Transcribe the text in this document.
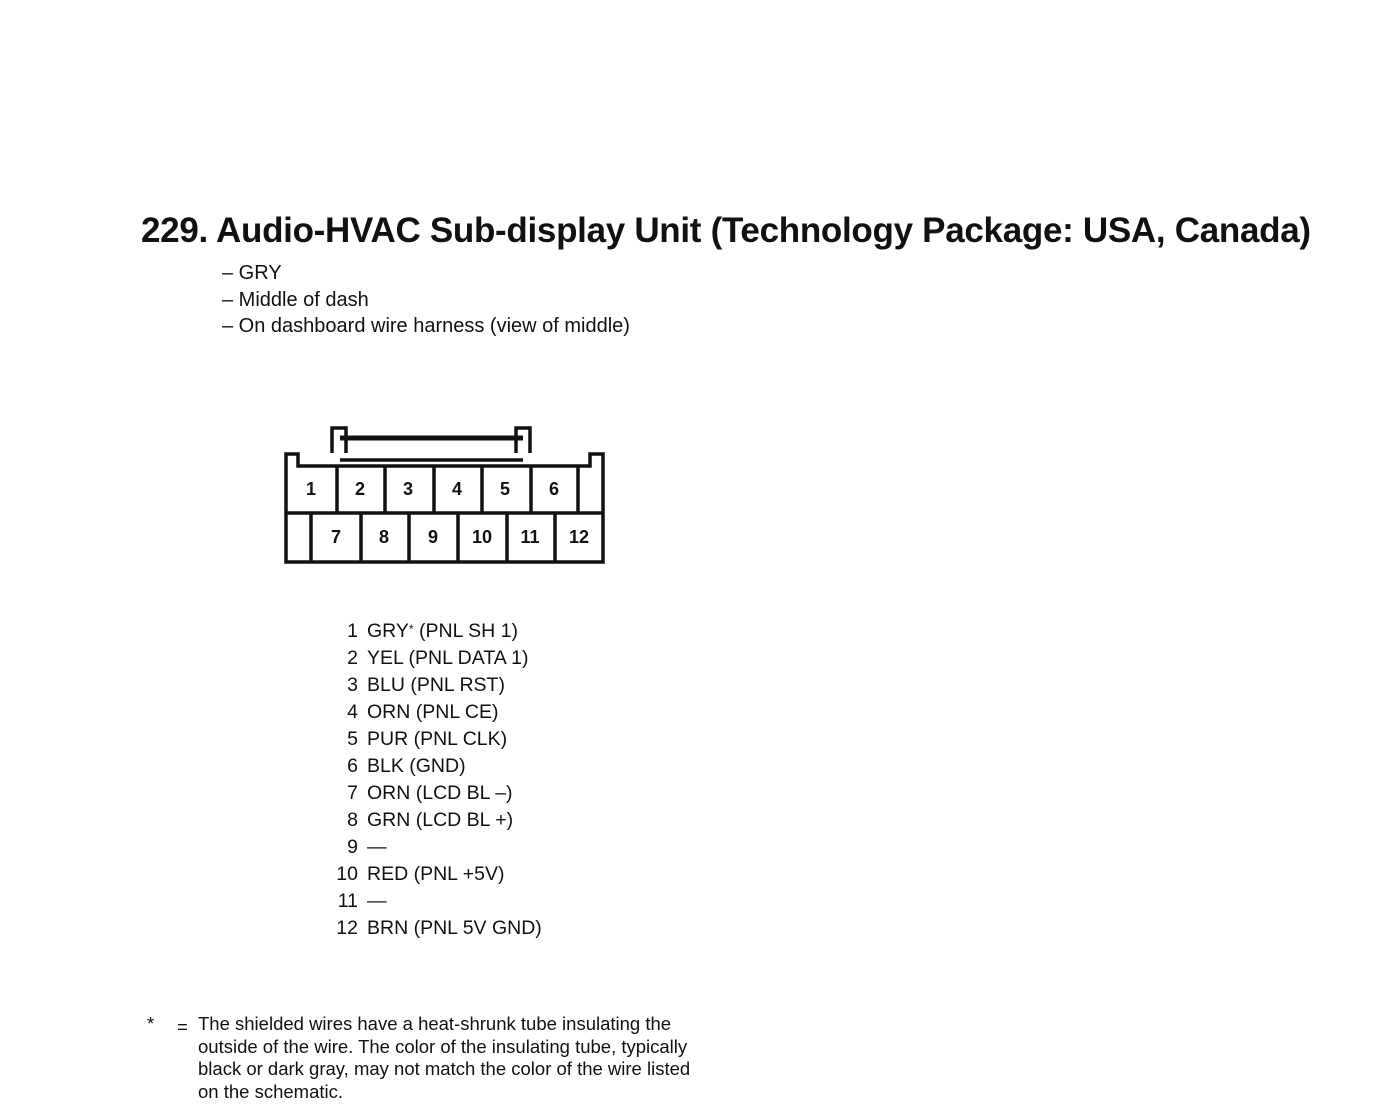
229. Audio-HVAC Sub-display Unit (Technology Package: USA, Canada)
– GRY
– Middle of dash
– On dashboard wire harness (view of middle)
1 2 3 4 5 6
7 8 9 10 11 12
1 GRY* (PNL SH 1)
2 YEL (PNL DATA 1)
3 BLU (PNL RST)
4 ORN (PNL CE)
5 PUR (PNL CLK)
6 BLK (GND)
7 ORN (LCD BL –)
8 GRN (LCD BL +)
9 —
10 RED (PNL +5V)
11 —
12 BRN (PNL 5V GND)
* = The shielded wires have a heat-shrunk tube insulating the
outside of the wire. The color of the insulating tube, typically
black or dark gray, may not match the color of the wire listed
on the schematic.
